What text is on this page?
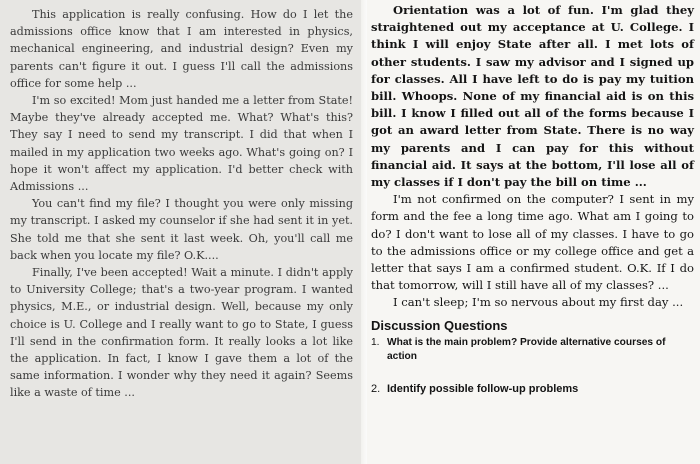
This application is really confusing. How do I let the admissions office know that I am interested in physics, mechanical engineering, and industrial design? Even my parents can't figure it out. I guess I'll call the admissions office for some help ...

I'm so excited! Mom just handed me a letter from State! Maybe they've already accepted me. What? What's this? They say I need to send my transcript. I did that when I mailed in my application two weeks ago. What's going on? I hope it won't affect my application. I'd better check with Admissions ...

You can't find my file? I thought you were only missing my transcript. I asked my counselor if she had sent it in yet. She told me that she sent it last week. Oh, you'll call me back when you locate my file? O.K....

Finally, I've been accepted! Wait a minute. I didn't apply to University College; that's a two-year program. I wanted physics, M.E., or industrial design. Well, because my only choice is U. College and I really want to go to State, I guess I'll send in the confirmation form. It really looks a lot like the application. In fact, I know I gave them a lot of the same information. I wonder why they need it again? Seems like a waste of time ...

Orientation was a lot of fun. I'm glad they straightened out my acceptance at U. College. I think I will enjoy State after all. I met lots of other students. I saw my advisor and I signed up for classes. All I have left to do is pay my tuition bill. Whoops. None of my financial aid is on this bill. I know I filled out all of the forms because I got an award letter from State. There is no way my parents and I can pay for this without financial aid. It says at the bottom, I'll lose all of my classes if I don't pay the bill on time ...

I'm not confirmed on the computer? I sent in my form and the fee a long time ago. What am I going to do? I don't want to lose all of my classes. I have to go to the admissions office or my college office and get a letter that says I am a confirmed student. O.K. If I do that tomorrow, will I still have all of my classes? ...

I can't sleep; I'm so nervous about my first day ...

Discussion Questions
1. What is the main problem? Provide alternative courses of action
2. Identify possible follow-up problems
